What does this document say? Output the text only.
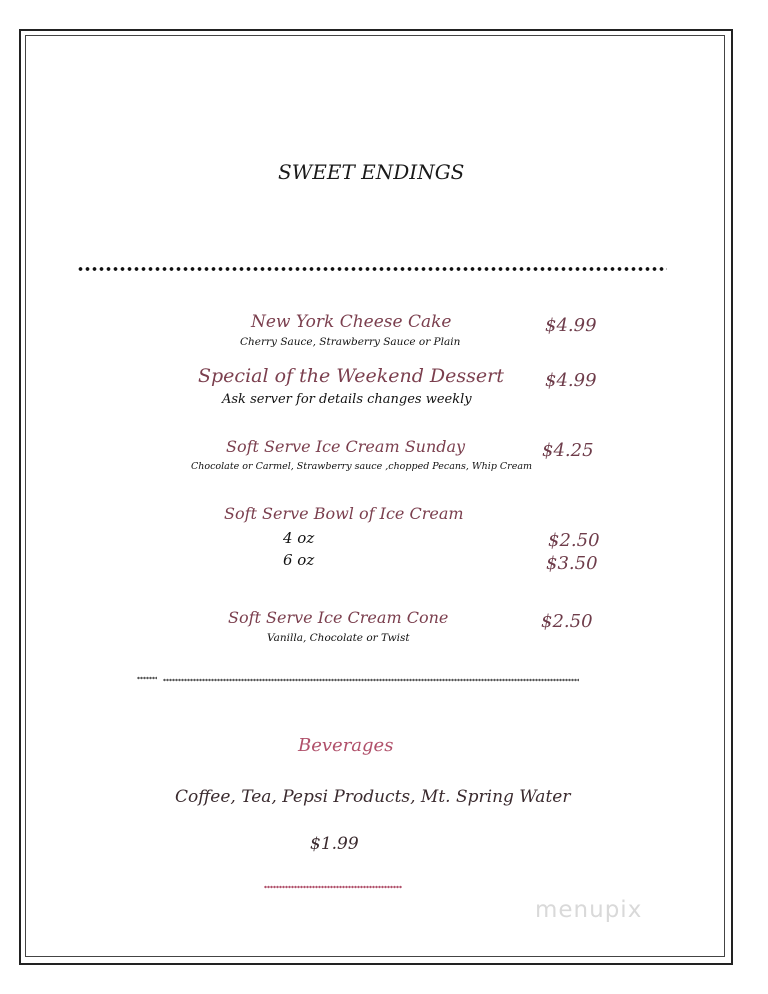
SWEET ENDINGS
New York Cheese Cake
Cherry Sauce, Strawberry Sauce or Plain
$4.99
Special of the Weekend Dessert
Ask server for details changes weekly
$4.99
Soft Serve Ice Cream Sunday
Chocolate or Carmel, Strawberry sauce ,chopped Pecans, Whip Cream
$4.25
Soft Serve Bowl of Ice Cream
4 oz	$2.50
6 oz	$3.50
Soft Serve Ice Cream Cone
Vanilla, Chocolate or Twist
$2.50
Beverages
Coffee, Tea, Pepsi Products, Mt. Spring Water
$1.99
menupix
